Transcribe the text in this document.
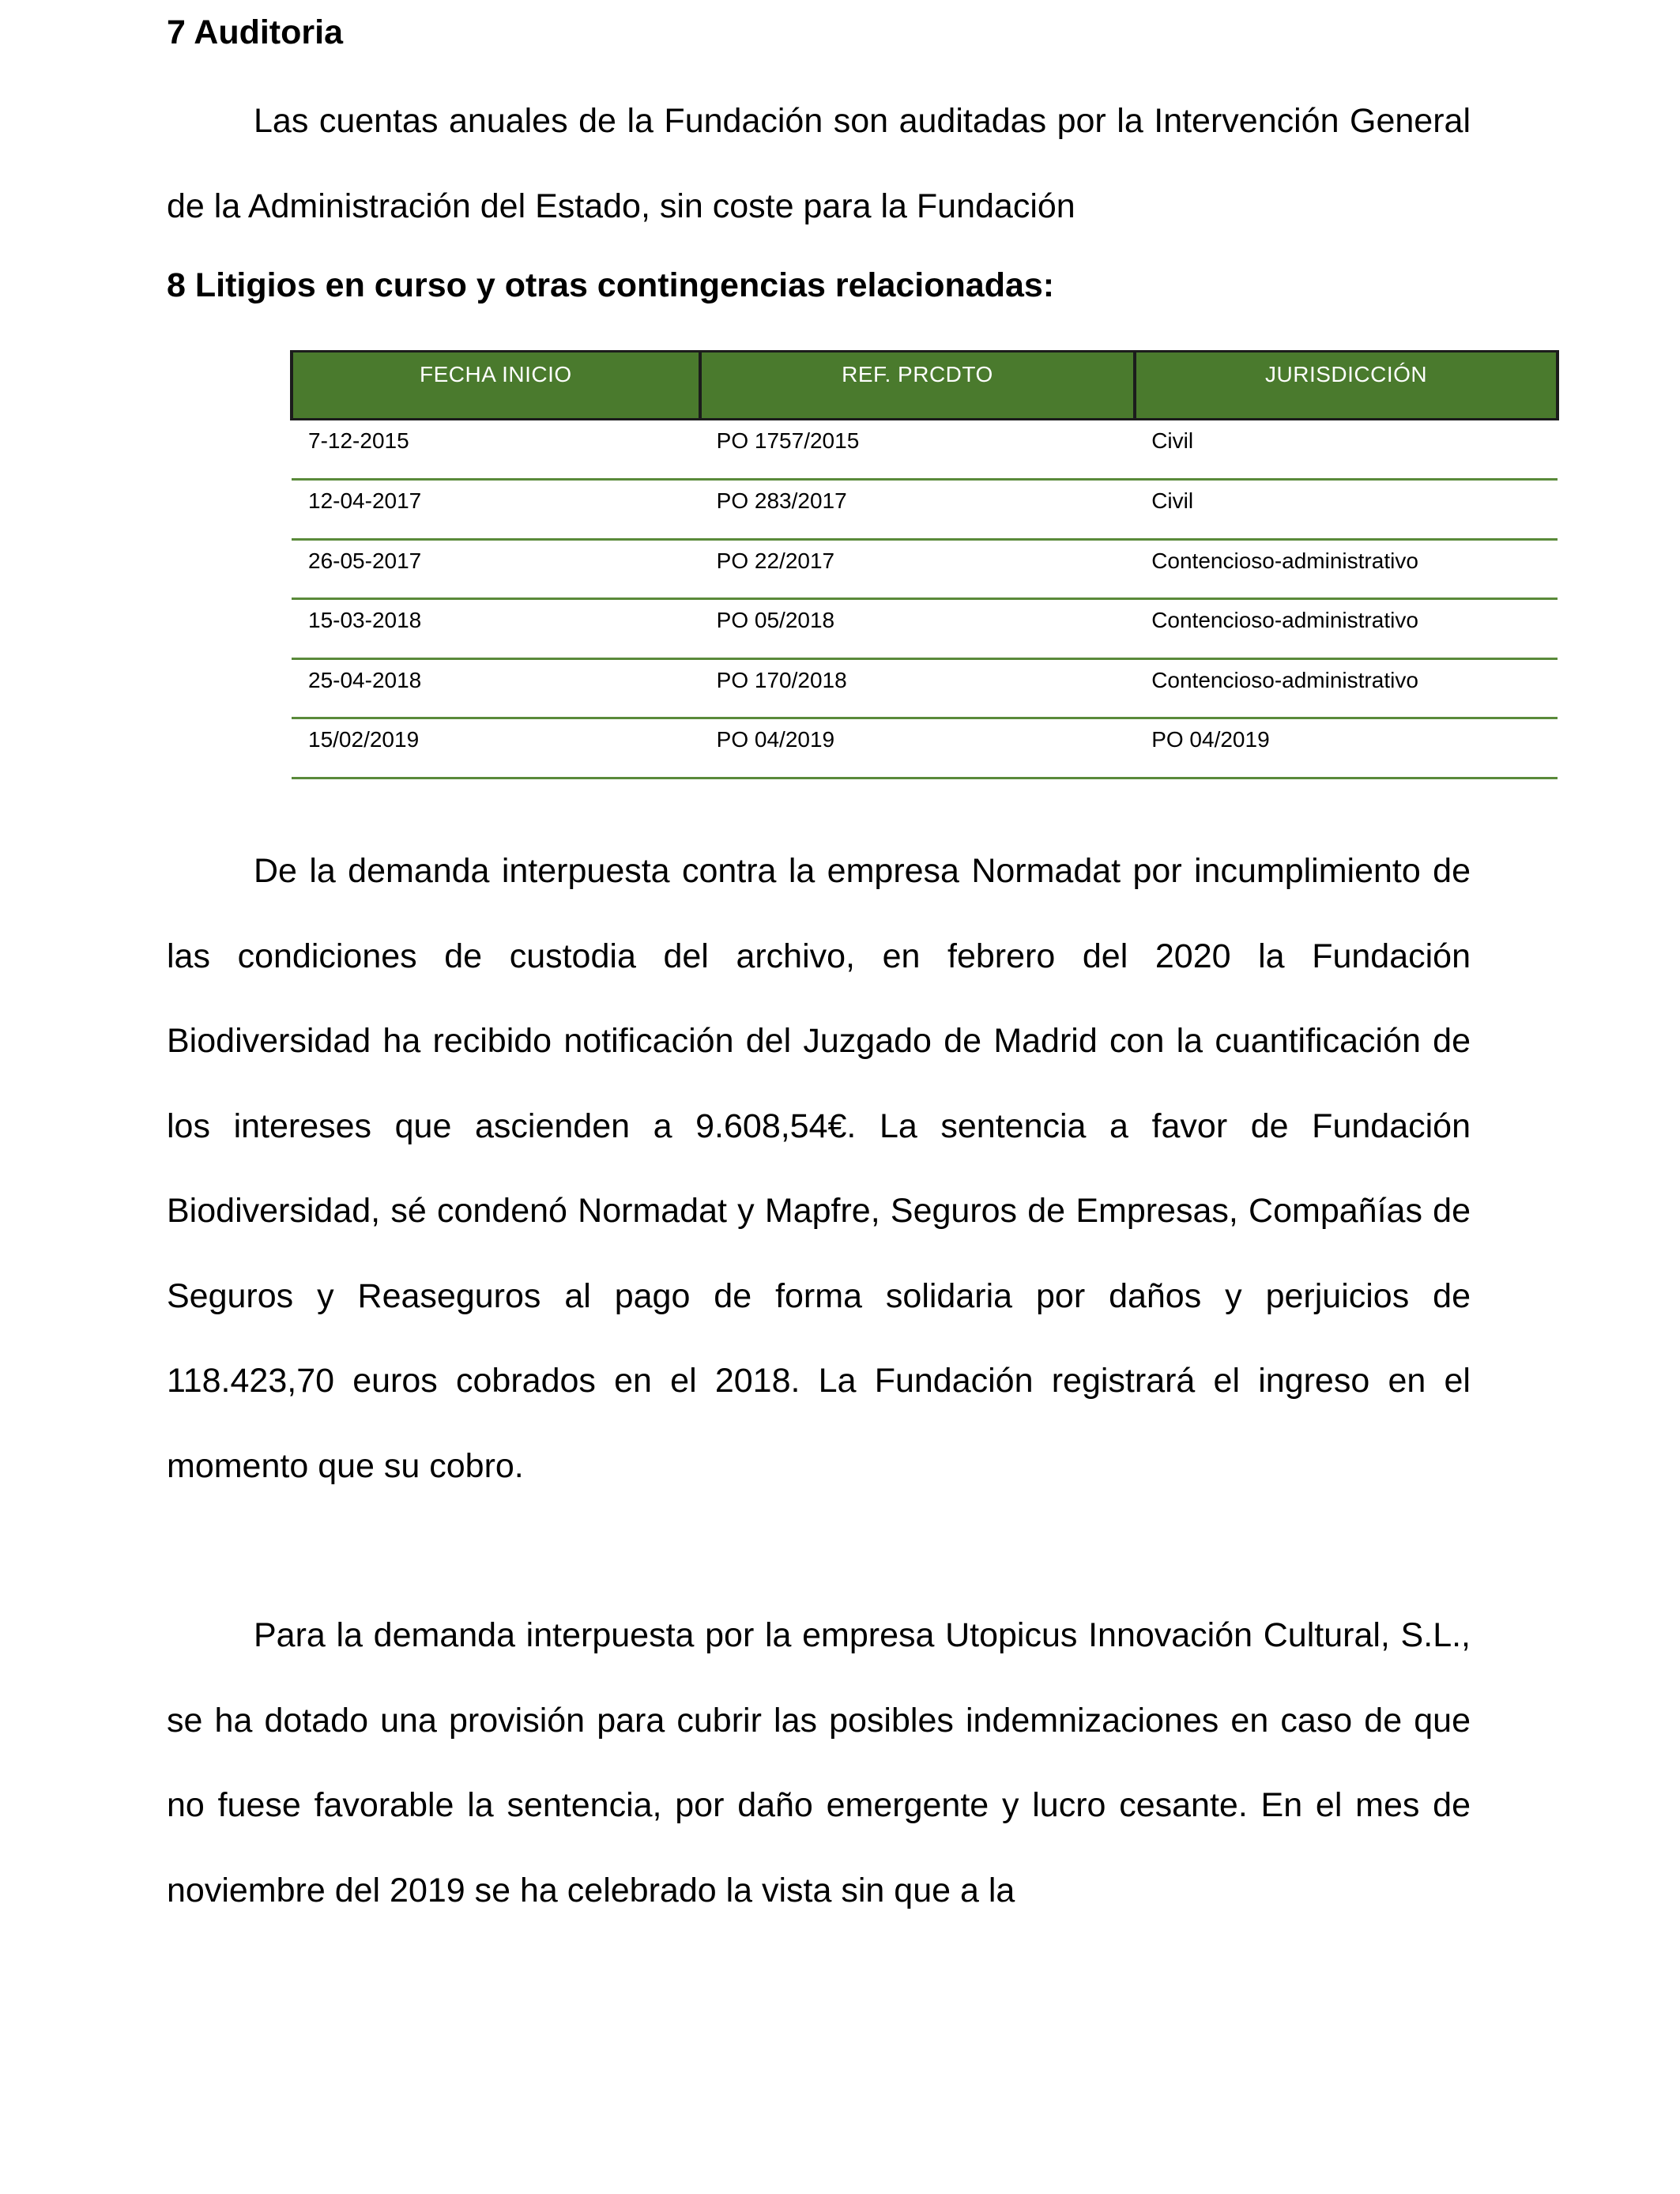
7 Auditoria

Las cuentas anuales de la Fundación son auditadas por la Intervención General de la Administración del Estado, sin coste para la Fundación

8 Litigios en curso y otras contingencias relacionadas:
FECHA INICIO	REF. PRCDTO	JURISDICCIÓN
7-12-2015	PO 1757/2015	Civil
12-04-2017	PO 283/2017	Civil
26-05-2017	PO 22/2017	Contencioso-administrativo
15-03-2018	PO 05/2018	Contencioso-administrativo
25-04-2018	PO 170/2018	Contencioso-administrativo
15/02/2019	PO 04/2019	PO 04/2019

De la demanda interpuesta contra la empresa Normadat por incumplimiento de las condiciones de custodia del archivo, en febrero del 2020 la Fundación Biodiversidad ha recibido notificación del Juzgado de Madrid con la cuantificación de los intereses que ascienden a 9.608,54€. La sentencia a favor de Fundación Biodiversidad, sé condenó Normadat y Mapfre, Seguros de Empresas, Compañías de Seguros y Reaseguros al pago de forma solidaria por daños y perjuicios de 118.423,70 euros cobrados en el 2018. La Fundación registrará el ingreso en el momento que su cobro.

Para la demanda interpuesta por la empresa Utopicus Innovación Cultural, S.L., se ha dotado una provisión para cubrir las posibles indemnizaciones en caso de que no fuese favorable la sentencia, por daño emergente y lucro cesante. En el mes de noviembre del 2019 se ha celebrado la vista sin que a la
